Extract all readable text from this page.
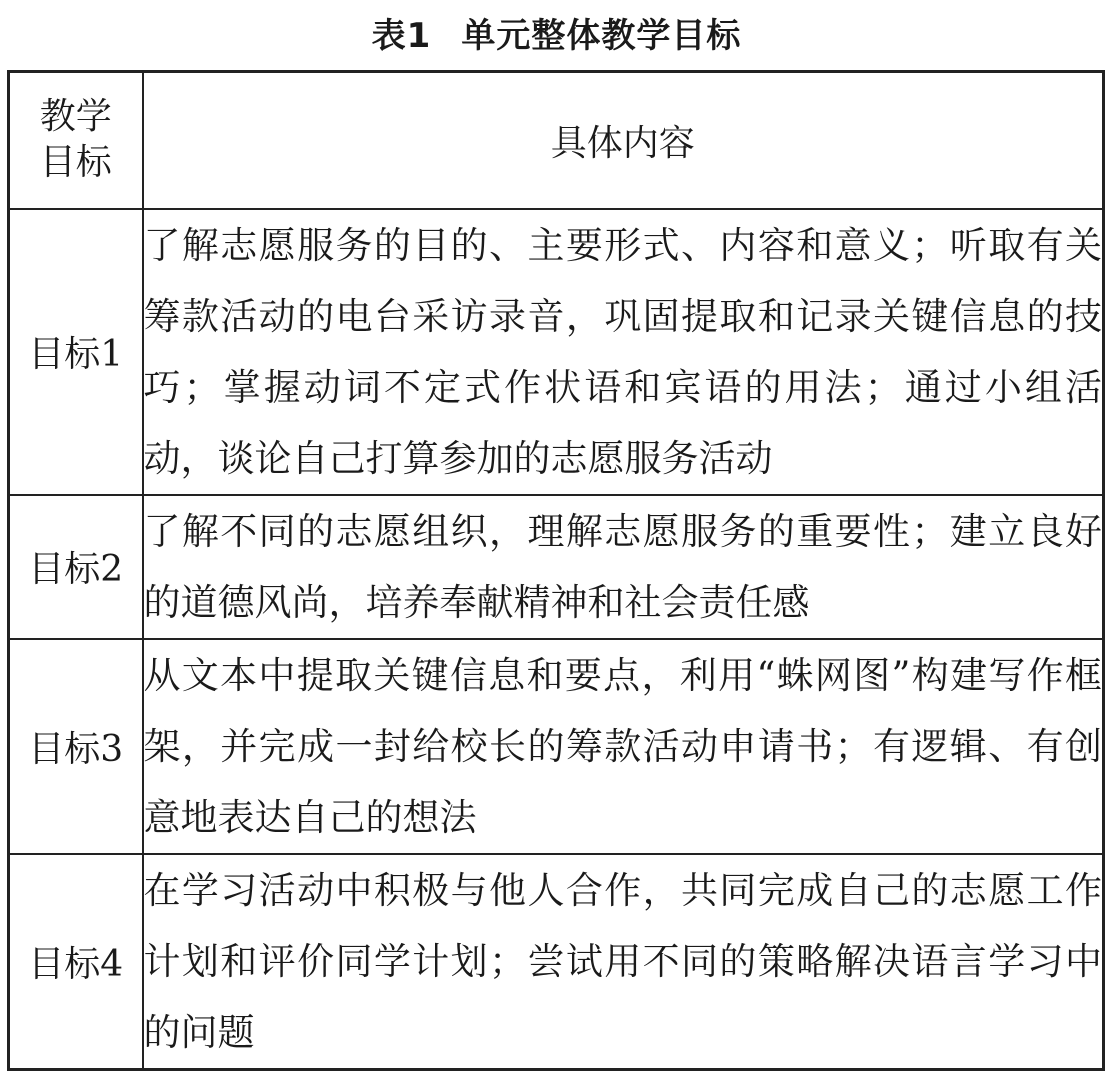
表1 单元整体教学目标
教学
目标	具体内容
目标1	了解志愿服务的目的、主要形式、内容和意义；听取有关筹款活动的电台采访录音，巩固提取和记录关键信息的技巧；掌握动词不定式作状语和宾语的用法；通过小组活动，谈论自己打算参加的志愿服务活动
目标2	了解不同的志愿组织，理解志愿服务的重要性；建立良好的道德风尚，培养奉献精神和社会责任感
目标3	从文本中提取关键信息和要点，利用“蛛网图”构建写作框架，并完成一封给校长的筹款活动申请书；有逻辑、有创意地表达自己的想法
目标4	在学习活动中积极与他人合作，共同完成自己的志愿工作计划和评价同学计划；尝试用不同的策略解决语言学习中的问题
